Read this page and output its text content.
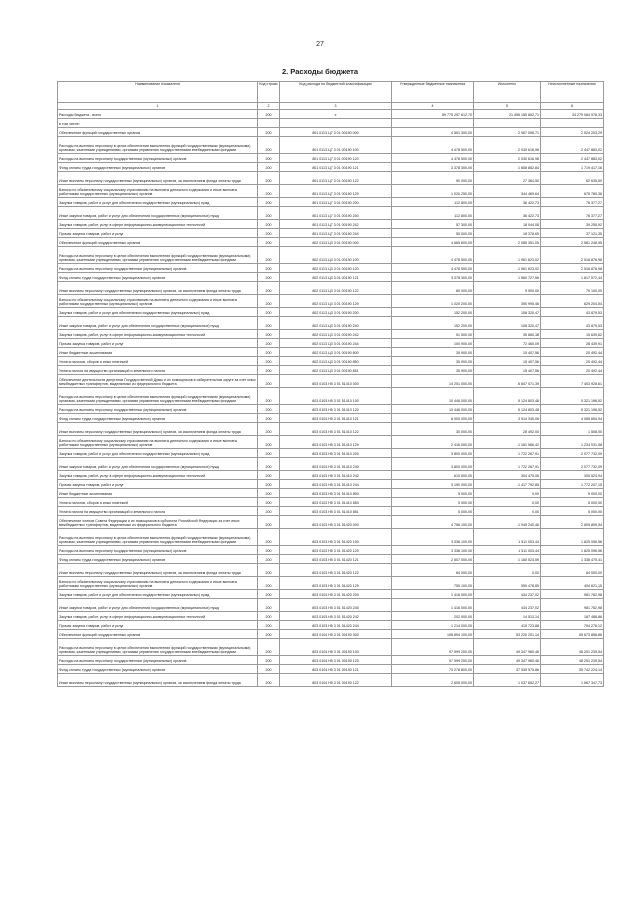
27
2. Расходы бюджета
Наименование показателя	Код строки	Код расхода по бюджетной классификации	Утвержденные бюджетные назначения	Исполнено	Неисполненные назначения
1	2	3	4	5	6
Расходы бюджета - всего	200	x	59 775 297 612,70	21 496 155 852,71	34 279 084 976,33
в том числе:					
Обеспечение функций государственных органов	200	801 0113 Ц7 3 01 00190 000	4 591 300,00	2 067 096,71	2 524 203,29
Расходы на выплаты персоналу в целях обеспечения выполнения функций государственными (муниципальными) органами, казенными учреждениями, органами управления государственными внебюджетными фондами	200	801 0113 Ц7 3 01 00190 100	4 478 500,00	2 030 616,98	2 447 883,02
Расходы на выплаты персоналу государственных (муниципальных) органов	200	801 0113 Ц7 3 01 00190 120	4 478 500,00	2 030 616,98	2 447 883,02
Фонд оплаты труда государственных (муниципальных) органов	200	801 0113 Ц7 3 01 00190 121	3 378 300,00	1 658 882,84	1 719 417,16
Иные выплаты персоналу государственных (муниципальных) органов, за исключением фонда оплаты труда	200	801 0113 Ц7 3 01 00190 122	90 000,00	27 364,50	62 635,50
Взносы по обязательному социальному страхованию на выплаты денежного содержания и иные выплаты работникам государственных (муниципальных) органов	200	801 0113 Ц7 3 01 00190 129	1 020 250,00	344 469,64	675 780,36
Закупка товаров, работ и услуг для обеспечения государственных (муниципальных) нужд	200	801 0113 Ц7 3 01 00190 200	112 800,00	36 422,73	76 377,27
Иные закупки товаров, работ и услуг для обеспечения государственных (муниципальных) нужд	200	801 0113 Ц7 3 01 00190 240	112 800,00	36 422,73	76 377,27
Закупка товаров, работ, услуг в сфере информационно-коммуникационных технологий	200	801 0113 Ц7 3 01 00190 242	57 300,00	18 044,08	39 255,92
Прочая закупка товаров, работ и услуг	200	801 0113 Ц7 3 01 00190 244	55 500,00	18 378,65	37 121,35
Обеспечение функций государственных органов	200	802 0113 Ц3 3 01 00190 000	4 665 600,00	2 085 351,05	2 581 248,95
Расходы на выплаты персоналу в целях обеспечения выполнения функций государственными (муниципальными) органами, казенными учреждениями, органами управления государственными внебюджетными фондами	200	802 0113 Ц3 3 01 00190 100	4 478 500,00	1 961 623,02	2 516 876,98
Расходы на выплаты персоналу государственных (муниципальных) органов	200	802 0113 Ц3 3 01 00190 120	4 478 500,00	1 961 623,02	2 516 876,98
Фонд оплаты труда государственных (муниципальных) органов	200	802 0113 Ц3 3 01 00190 121	3 378 300,00	1 560 727,56	1 817 572,44
Иные выплаты персоналу государственных (муниципальных) органов, за исключением фонда оплаты труда	200	802 0113 Ц3 3 01 00190 122	80 000,00	9 900,00	70 100,00
Взносы по обязательному социальному страхованию на выплаты денежного содержания и иные выплаты работникам государственных (муниципальных) органов	200	802 0113 Ц3 3 01 00190 129	1 020 200,00	390 995,46	629 204,54
Закупка товаров, работ и услуг для обеспечения государственных (муниципальных) нужд	200	802 0113 Ц3 3 01 00190 200	152 200,00	108 320,47	43 879,53
Иные закупки товаров, работ и услуг для обеспечения государственных (муниципальных) нужд	200	802 0113 Ц3 3 01 00190 240	152 200,00	108 320,47	43 879,53
Закупка товаров, работ, услуг в сфере информационно-коммуникационных технологий	200	802 0113 Ц3 3 01 00190 242	51 500,00	35 860,38	15 639,62
Прочая закупка товаров, работ и услуг	200	802 0113 Ц3 3 01 00190 244	100 900,00	72 460,09	28 439,91
Иные бюджетные ассигнования	200	802 0113 Ц3 3 01 00190 800	35 900,00	15 407,56	20 492,44
Уплата налогов, сборов и иных платежей	200	802 0113 Ц3 3 01 00190 850	35 900,00	15 407,56	20 492,44
Уплата налога на имущество организаций и земельного налога	200	802 0113 Ц3 3 01 00190 851	35 900,00	15 407,56	20 492,44
Обеспечение деятельности депутатов Государственной Думы и их помощников в избирательном округе за счет иных межбюджетных трансфертов, выделяемых из федерального бюджета	200	803 0103 Н5 3 01 51410 000	14 251 000,00	6 847 071,39	7 403 928,61
Расходы на выплаты персоналу в целях обеспечения выполнения функций государственными (муниципальными) органами, казенными учреждениями, органами управления государственными внебюджетными фондами	200	803 0103 Н5 3 01 51410 100	10 446 000,00	5 124 803,48	5 321 196,52
Расходы на выплаты персоналу государственных (муниципальных) органов	200	803 0103 Н5 3 01 51410 120	10 446 000,00	5 124 803,48	5 321 196,52
Фонд оплаты труда государственных (муниципальных) органов	200	803 0103 Н5 3 01 51410 121	8 000 000,00	3 914 345,06	4 085 654,94
Иные выплаты персоналу государственных (муниципальных) органов, за исключением фонда оплаты труда	200	803 0103 Н5 3 01 51410 122	30 000,00	28 492,00	1 508,00
Взносы по обязательному социальному страхованию на выплаты денежного содержания и иные выплаты работникам государственных (муниципальных) органов	200	803 0103 Н5 3 01 51410 129	2 416 000,00	1 181 966,42	1 234 031,58
Закупка товаров, работ и услуг для обеспечения государственных (муниципальных) нужд	200	803 0103 Н5 3 01 51410 200	3 800 000,00	1 722 267,91	2 077 732,09
Иные закупки товаров, работ и услуг для обеспечения государственных (муниципальных) нужд	200	803 0103 Н5 3 01 51410 240	3 800 000,00	1 722 267,91	2 077 732,09
Закупка товаров, работ, услуг в сфере информационно-коммуникационных технологий	200	803 0103 Н5 3 01 51410 242	610 000,00	304 475,06	305 524,94
Прочая закупка товаров, работ и услуг	200	803 0103 Н5 3 01 51410 244	3 190 000,00	1 417 792,85	1 772 207,15
Иные бюджетные ассигнования	200	803 0103 Н5 3 01 51410 800	5 000,00	0,00	5 000,00
Уплата налогов, сборов и иных платежей	200	803 0103 Н5 3 01 51410 850	5 000,00	0,00	5 000,00
Уплата налога на имущество организаций и земельного налога	200	803 0103 Н5 3 01 51410 851	5 000,00	0,00	5 000,00
Обеспечение членов Совета Федерации и их помощников в субъектах Российской Федерации за счет иных межбюджетных трансфертов, выделяемых из федерального бюджета	200	803 0103 Н5 3 01 51420 000	4 756 100,00	1 945 240,46	2 809 809,54
Расходы на выплаты персоналу в целях обеспечения выполнения функций государственными (муниципальными) органами, казенными учреждениями, органами управления государственными внебюджетными фондами	200	803 0103 Н5 3 01 51420 100	3 336 100,00	1 511 003,44	1 825 096,56
Расходы на выплаты персоналу государственных (муниципальных) органов	200	803 0103 Н5 3 01 51420 120	3 336 100,00	1 511 003,44	1 825 096,56
Фонд оплаты труда государственных (муниципальных) органов	200	803 0103 Н5 3 01 51420 121	2 507 000,00	1 160 524,59	1 338 475,41
Иные выплаты персоналу государственных (муниципальных) органов, за исключением фонда оплаты труда	200	803 0103 Н5 3 01 51420 122	84 000,00	0,00	84 000,00
Взносы по обязательному социальному страхованию на выплаты денежного содержания и иные выплаты работникам государственных (муниципальных) органов	200	803 0103 Н5 3 01 51420 129	755 100,00	350 478,85	404 621,15
Закупка товаров, работ и услуг для обеспечения государственных (муниципальных) нужд	200	803 0103 Н5 3 01 51420 200	1 416 000,00	434 237,02	981 762,98
Иные закупки товаров, работ и услуг для обеспечения государственных (муниципальных) нужд	200	803 0103 Н5 3 01 51420 240	1 416 000,00	434 237,02	981 762,98
Закупка товаров, работ, услуг в сфере информационно-коммуникационных технологий	200	803 0103 Н5 3 01 51420 242	202 000,00	14 513,14	187 486,86
Прочая закупка товаров, работ и услуг	200	803 0103 Н5 3 01 51420 244	1 214 000,00	419 723,88	794 276,12
Обеспечение функций государственных органов	200	803 0104 Н5 3 01 00190 000	108 894 100,00	53 220 201,14	55 673 898,86
Расходы на выплаты персоналу в целях обеспечения выполнения функций государственными (муниципальными) органами, казенными учреждениями, органами управления государственными внебюджетными фондами	200	803 0104 Н5 3 01 00190 100	97 599 200,00	49 347 960,46	48 251 239,54
Расходы на выплаты персоналу государственных (муниципальных) органов	200	803 0104 Н5 3 01 00190 120	97 599 200,00	49 347 960,46	48 251 239,54
Фонд оплаты труда государственных (муниципальных) органов	200	803 0104 Н5 3 01 00190 121	73 278 800,00	37 539 575,86	35 742 224,14
Иные выплаты персоналу государственных (муниципальных) органов, за исключением фонда оплаты труда	200	803 0104 Н5 3 01 00190 122	2 605 000,00	1 037 652,27	1 567 347,73
